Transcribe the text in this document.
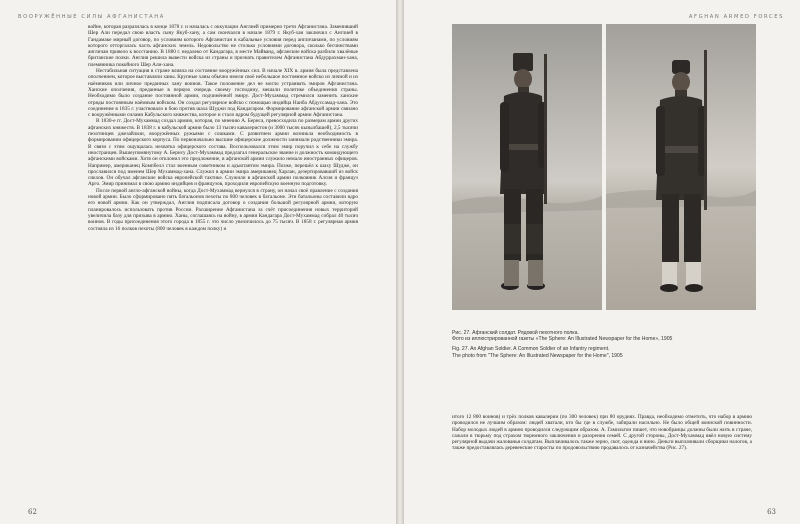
ВООРУЖЁННЫЕ СИЛЫ АФГАНИСТАНА

войне, которая разразилась в конце 1878 г. и началась с оккупации Англией примерно трети Афганистана. Заменивший Шер Али передал свою власть сыну Якуб-хану, а сам скончался в начале 1879 г. Якуб-хан заключил с Англией в Гандамаке мирный договор, по условиям которого Афганистан в кабальные условия перед англичанами, по условиям которого отторгалась часть афганских земель. Недовольство не столько условиями договора, сколько бесчинствами англичан привело к восстанию. В 1880 г. недалеко от Кандагара, в месте Майванд, афганские войска разбили хвалёные британские полки. Англия решила вывести войска из страны и признать правителем Афганистана Абдуррахман-хана, племянника покойного Шер Али-хана.

Нестабильная ситуация в стране влияла на состояние вооружённых сил. В начале XIX в. армия была представлена ополчением, которое выставляли ханы. Крупные ханы обычно имели своё небольшое постоянное войско из личной и из наёмников или личное преданных хану воинов. Такое положение дел не могло устраивать эмиров Афганистана. Ханские ополчения, преданные в первую очередь своему господину, мешали политике объединения страны. Необходимо было создание постоянной армии, подчинённой эмиру. Дост-Мухаммад стремился заменить ханские отряды постоянным наёмным войском. Он создал регулярное войско с помощью индийца Наиба Абдуссамад-хана. Это соединение в 1835 г. участвовало в бою против шаха Шуджи под Кандагаром. Формирование афганской армии связано с вооружёнными силами Кабульского княжества, которое и стало ядром будущей регулярной армии Афганистана.

В 1830-е гг. Дост-Мухаммад создал армию, которая, по мнению А. Бернса, превосходила по размерам армии других афганских княжеств. В 1838 г. в кабульской армии было 13 тысяч кавалеристов (и 3000 тысяч кызылбашей), 2,5 тысячи пехотинцев джезайльчи, вооружённых ружьями с сошками. С развитием армии возникла необходимость в формировании офицерского корпуса. По первоначально высшие офицерские должности занимали родственники эмира. В связи с этим ощущалась нехватка офицерского состава. Воспользовался этим эмир поручил к себе на службу иностранцев. Вышеупомянутому А. Бернсу Дост-Мухаммад предлагал генеральское звание и должность командующего афганскими войсками. Хотя он отклонил это предложение, в афганской армии служило немало иностранных офицеров. Например, американец Компбелл стал военным советником и адъютантом эмира. Позже, перешёл к шаху Шудже, он прославился под именем Шер Мухаммад-хана. Служил в армии эмира американец Харлан, дезертировавший из войск сикхов. Он обучал афганские войска европейской тактике. Служили в афганской армии полковник Алсия и француз Арго. Эмир принимал в свою армию индийцев и французов, проходили европейскую военную подготовку.

После первой англо-афганской войны, когда Дост-Мухаммад вернулся в страну, он начал своё правление с создания новой армии. Было сформировано пять батальонов пехоты по 800 человек в батальоне. Эти батальоны составили ядро его новой армии. Как он утверждал, Англия подписала договор о создании большой регулярной армии, которую планировалось использовать против России. Расширение Афганистана за счёт присоединения новых территорий увеличила базу для призыва в армию. Ханы, соглашаясь на войну, в армии Кандагара Дост-Мухаммад собрал 40 тысяч воинов. В годы присоединения этого города в 1855 г. это число увеличилось до 75 тысяч. В 1858 г. регулярная армия состояла из 16 полков пехоты (800 человек в каждом полку) и

62
AFGHAN ARMED FORCES
Рис. 27. Афганский солдат. Рядовой пехотного полка.
Фото из иллюстрированной газеты «The Sphere: An Illustrated Newspaper for the Home», 1905
Fig. 27. An Afghan Soldier. A Common Soldier of an Infantry regiment.
The photo from "The Sphere: An Illustrated Newspaper for the Home", 1905

итого 12 800 воинов) и трёх полков кавалерии (по 300 человек) при 80 орудиях. Правда, необходимо отметить, что набор в армию проводился не лучшим образом: людей хватали, кто бы где в службе, забирали насильно. Не было общей воинской повинности. Набор молодых людей в армию проводился следующим образом. А. Гамильтон пишет, что новобранцы должны были жить в стране, сажали в тюрьму под страхом тюремного заключения и разорения семей. С другой стороны, Дост-Мухаммад ввёл новую систему регулярной выдачи жалованья солдатам. Выплачивалось также зерно, скот, одежда и вино. Деньги выплачивали сборщики налогов, а также предоставлялась деревенские старосты по продовольствию продавалось от казначейства (Рис. 27).

63
